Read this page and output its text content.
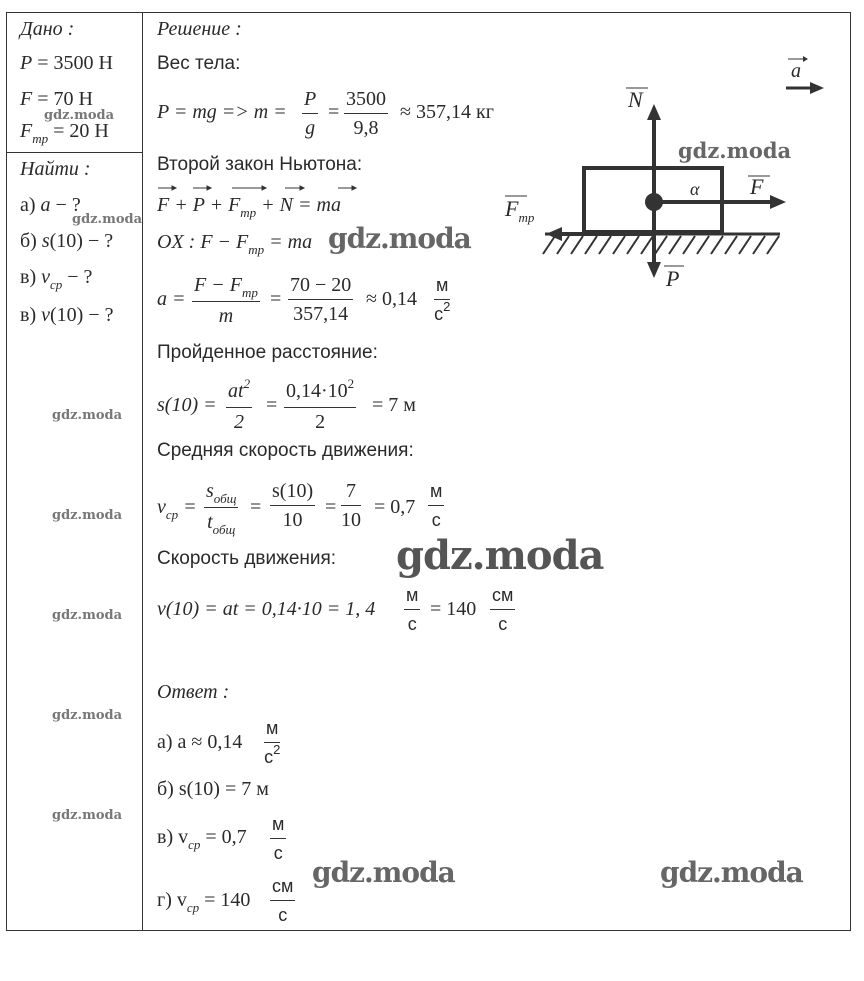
Дано :
P = 3500 Н
F = 70 Н
$F_{тр} = 20$ Н
Найти :
а) a − ?
б) s(10) − ?
в) $v_{ср}$ − ?
в) v(10) − ?
Решение :
Вес тела:
P = mg => $m = \frac{P}{g} = \frac{3500}{9,8} \approx 357,14$ кг
Второй закон Ньютона:
$F + P + F_{тр} + N$ = ma
OX : $F - F_{тр}$ = ma
a =
$F - F_{тр}$
m
= $\frac{70 - 20}{357,14} \approx 0,14$
м
$с^2$
Пройденное расстояние:
$s(10) = \frac{at^2}{2} = \frac{0,14\cdot 10^2}{2} = 7$ м
Средняя скорость движения:
$v_{ср}$ =
$s_{общ}$
$t_{общ}$
= $\frac{s(10)}{10} = \frac{7}{10} = 0,7$
м
с
Скорость движения:
v(10) = at = 0,14·10 = 1, 4
м
с
= 140
см
с
Ответ :
а) a ≈ 0,14
м
$с^2$
б) s(10) = 7 м
в) $v_{ср} = 0,7$
м
с
г) $v_{ср} = 140$
см
с
a
N
F
$F_{тр}$
P
α
gdz.moda
gdz.moda
gdz.moda
gdz.moda
gdz.moda
gdz.moda
gdz.moda
gdz.moda
gdz.moda
gdz.moda
gdz.moda	gdz.moda
